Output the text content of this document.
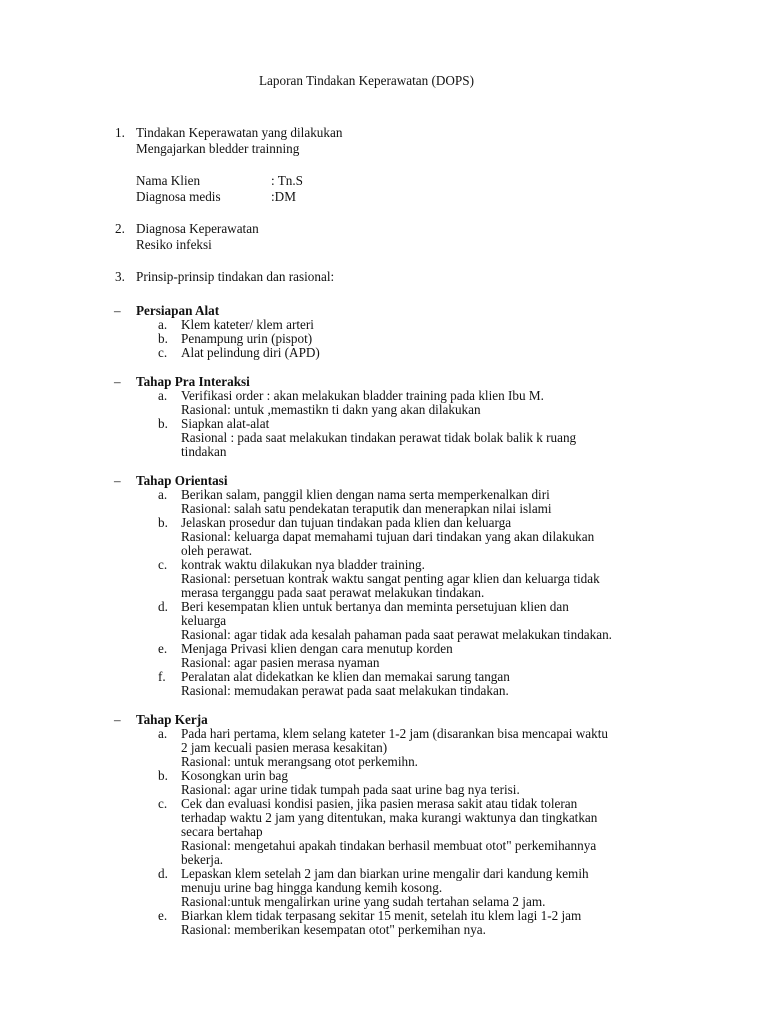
Laporan Tindakan Keperawatan (DOPS)
1. Tindakan Keperawatan yang dilakukan
Mengajarkan bledder trainning
Nama Klien	: Tn.S
Diagnosa medis	:DM
2. Diagnosa Keperawatan
Resiko infeksi
3. Prinsip-prinsip tindakan dan rasional:
– Persiapan Alat
a. Klem kateter/ klem arteri
b. Penampung urin (pispot)
c. Alat pelindung diri (APD)
– Tahap Pra Interaksi
a. Verifikasi order : akan melakukan bladder training pada klien Ibu M.
Rasional: untuk ,memastikn ti dakn yang akan dilakukan
b. Siapkan alat-alat
Rasional : pada saat melakukan tindakan perawat tidak bolak balik k ruang
tindakan
– Tahap Orientasi
a. Berikan salam, panggil klien dengan nama serta memperkenalkan diri
Rasional: salah satu pendekatan teraputik dan menerapkan nilai islami
b. Jelaskan prosedur dan tujuan tindakan pada klien dan keluarga
Rasional: keluarga dapat memahami tujuan dari tindakan yang akan dilakukan
oleh perawat.
c. kontrak waktu dilakukan nya bladder training.
Rasional: persetuan kontrak waktu sangat penting agar klien dan keluarga tidak
merasa terganggu pada saat perawat melakukan tindakan.
d. Beri kesempatan klien untuk bertanya dan meminta persetujuan klien dan
keluarga
Rasional: agar tidak ada kesalah pahaman pada saat perawat melakukan tindakan.
e. Menjaga Privasi klien dengan cara menutup korden
Rasional: agar pasien merasa nyaman
f. Peralatan alat didekatkan ke klien dan memakai sarung tangan
Rasional: memudakan perawat pada saat melakukan tindakan.
– Tahap Kerja
a. Pada hari pertama, klem selang kateter 1-2 jam (disarankan bisa mencapai waktu
2 jam kecuali pasien merasa kesakitan)
Rasional: untuk merangsang otot perkemihn.
b. Kosongkan urin bag
Rasional: agar urine tidak tumpah pada saat urine bag nya terisi.
c. Cek dan evaluasi kondisi pasien, jika pasien merasa sakit atau tidak toleran
terhadap waktu 2 jam yang ditentukan, maka kurangi waktunya dan tingkatkan
secara bertahap
Rasional: mengetahui apakah tindakan berhasil membuat otot" perkemihannya
bekerja.
d. Lepaskan klem setelah 2 jam dan biarkan urine mengalir dari kandung kemih
menuju urine bag hingga kandung kemih kosong.
Rasional:untuk mengalirkan urine yang sudah tertahan selama 2 jam.
e. Biarkan klem tidak terpasang sekitar 15 menit, setelah itu klem lagi 1-2 jam
Rasional: memberikan kesempatan otot" perkemihan nya.
